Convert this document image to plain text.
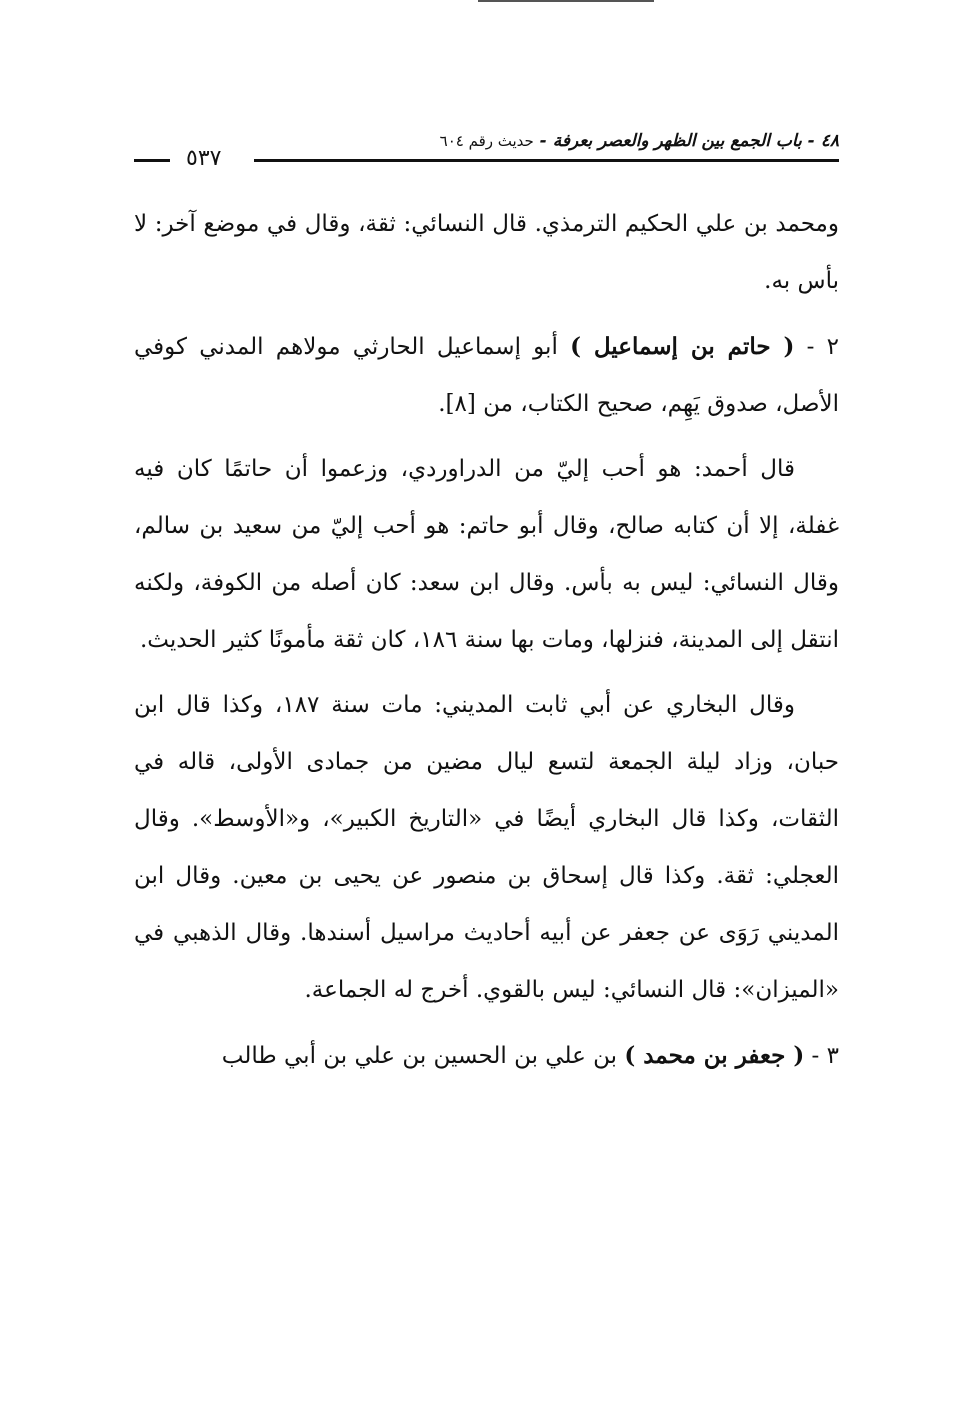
٤٨ - باب الجمع بين الظهر والعصر بعرفة - حديث رقم ٦٠٤
٥٣٧

ومحمد بن علي الحكيم الترمذي. قال النسائي: ثقة، وقال في موضع آخر: لا بأس به.

٢ - ( حاتم بن إسماعيل ) أبو إسماعيل الحارثي مولاهم المدني كوفي الأصل، صدوق يَهِم، صحيح الكتاب، من [٨].

قال أحمد: هو أحب إليّ من الدراوردي، وزعموا أن حاتمًا كان فيه غفلة، إلا أن كتابه صالح، وقال أبو حاتم: هو أحب إليّ من سعيد بن سالم، وقال النسائي: ليس به بأس. وقال ابن سعد: كان أصله من الكوفة، ولكنه انتقل إلى المدينة، فنزلها، ومات بها سنة ١٨٦، كان ثقة مأمونًا كثير الحديث.

وقال البخاري عن أبي ثابت المديني: مات سنة ١٨٧، وكذا قال ابن حبان، وزاد ليلة الجمعة لتسع ليال مضين من جمادى الأولى، قاله في الثقات، وكذا قال البخاري أيضًا في «التاريخ الكبير»، و«الأوسط». وقال العجلي: ثقة. وكذا قال إسحاق بن منصور عن يحيى بن معين. وقال ابن المديني رَوَى عن جعفر عن أبيه أحاديث مراسيل أسندها. وقال الذهبي في «الميزان»: قال النسائي: ليس بالقوي. أخرج له الجماعة.

٣ - ( جعفر بن محمد ) بن علي بن الحسين بن علي بن أبي طالب
